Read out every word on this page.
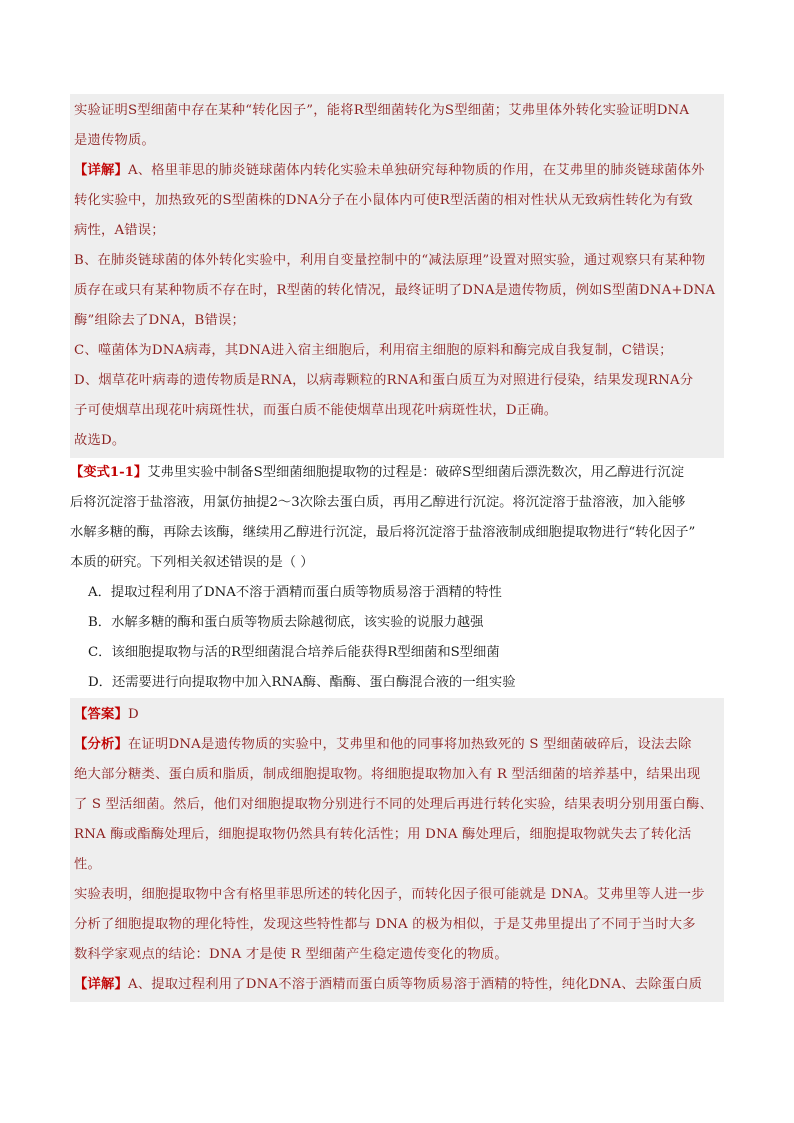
实验证明S型细菌中存在某种“转化因子”，能将R型细菌转化为S型细菌；艾弗里体外转化实验证明DNA

是遗传物质。

【详解】A、格里菲思的肺炎链球菌体内转化实验未单独研究每种物质的作用，在艾弗里的肺炎链球菌体外

转化实验中，加热致死的S型菌株的DNA分子在小鼠体内可使R型活菌的相对性状从无致病性转化为有致

病性，A错误；

B、在肺炎链球菌的体外转化实验中，利用自变量控制中的“减法原理”设置对照实验，通过观察只有某种物

质存在或只有某种物质不存在时，R型菌的转化情况，最终证明了DNA是遗传物质，例如S型菌DNA+DNA

酶”组除去了DNA，B错误；

C、噬菌体为DNA病毒，其DNA进入宿主细胞后，利用宿主细胞的原料和酶完成自我复制，C错误；

D、烟草花叶病毒的遗传物质是RNA，以病毒颗粒的RNA和蛋白质互为对照进行侵染，结果发现RNA分

子可使烟草出现花叶病斑性状，而蛋白质不能使烟草出现花叶病斑性状，D正确。

故选D。

【变式1-1】艾弗里实验中制备S型细菌细胞提取物的过程是：破碎S型细菌后漂洗数次，用乙醇进行沉淀

后将沉淀溶于盐溶液，用氯仿抽提2～3次除去蛋白质，再用乙醇进行沉淀。将沉淀溶于盐溶液，加入能够

水解多糖的酶，再除去该酶，继续用乙醇进行沉淀，最后将沉淀溶于盐溶液制成细胞提取物进行“转化因子”

本质的研究。下列相关叙述错误的是（ ）

A．提取过程利用了DNA不溶于酒精而蛋白质等物质易溶于酒精的特性

B．水解多糖的酶和蛋白质等物质去除越彻底，该实验的说服力越强

C．该细胞提取物与活的R型细菌混合培养后能获得R型细菌和S型细菌

D．还需要进行向提取物中加入RNA酶、酯酶、蛋白酶混合液的一组实验

【答案】D

【分析】在证明DNA是遗传物质的实验中，艾弗里和他的同事将加热致死的 S 型细菌破碎后，设法去除

绝大部分糖类、蛋白质和脂质，制成细胞提取物。将细胞提取物加入有 R 型活细菌的培养基中，结果出现

了 S 型活细菌。然后，他们对细胞提取物分别进行不同的处理后再进行转化实验，结果表明分别用蛋白酶、

RNA 酶或酯酶处理后，细胞提取物仍然具有转化活性；用 DNA 酶处理后，细胞提取物就失去了转化活性。

实验表明，细胞提取物中含有格里菲思所述的转化因子，而转化因子很可能就是 DNA。艾弗里等人进一步

分析了细胞提取物的理化特性，发现这些特性都与 DNA 的极为相似，于是艾弗里提出了不同于当时大多

数科学家观点的结论：DNA 才是使 R 型细菌产生稳定遗传变化的物质。

【详解】A、提取过程利用了DNA不溶于酒精而蛋白质等物质易溶于酒精的特性，纯化DNA、去除蛋白质
